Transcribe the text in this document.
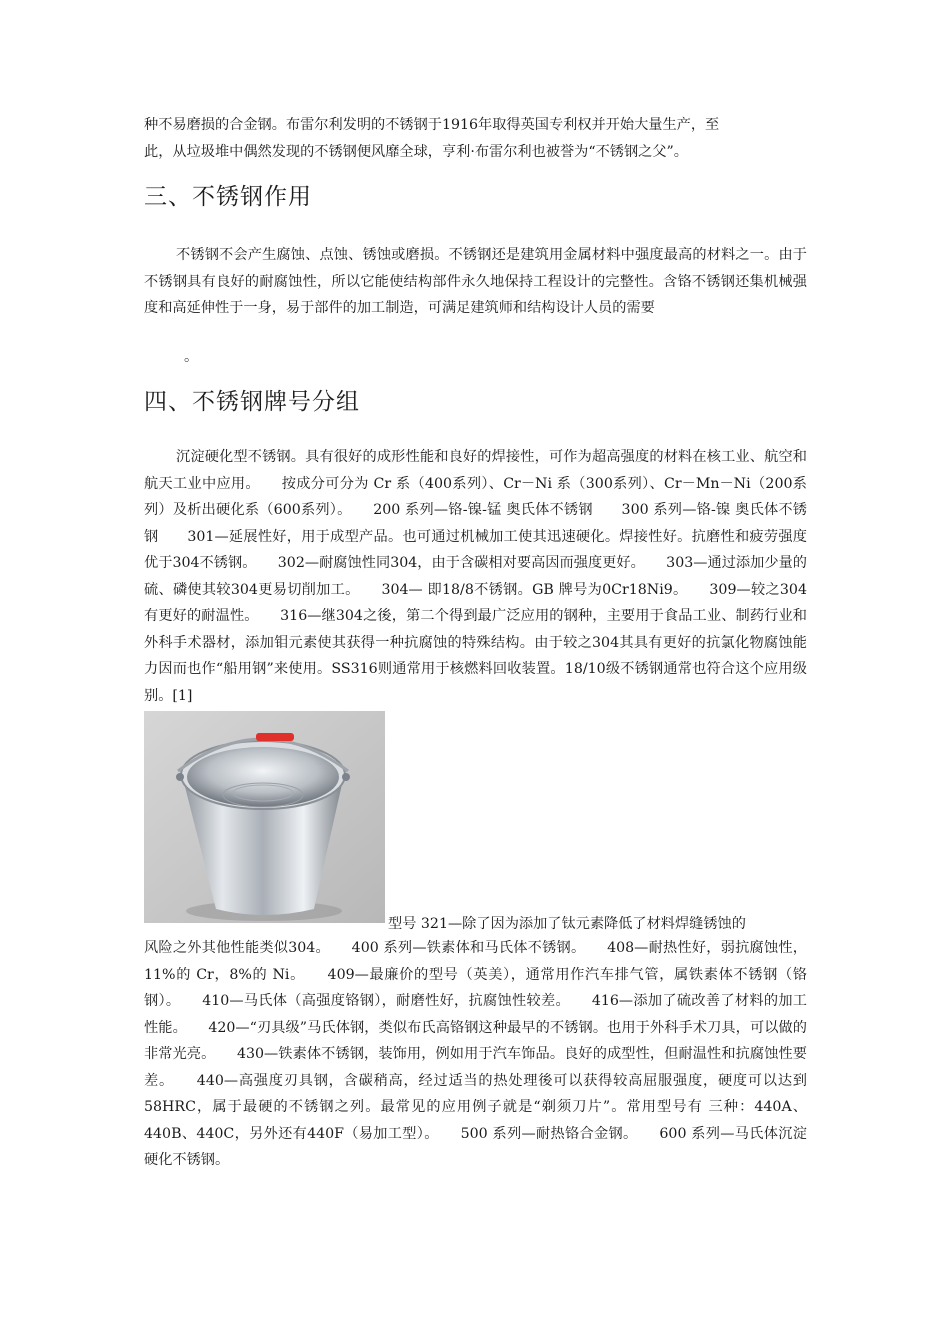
种不易磨损的合金钢。布雷尔利发明的不锈钢于1916年取得英国专利权并开始大量生产，至

此，从垃圾堆中偶然发现的不锈钢便风靡全球，亨利·布雷尔利也被誉为“不锈钢之父”。

三、不锈钢作用

不锈钢不会产生腐蚀、点蚀、锈蚀或磨损。不锈钢还是建筑用金属材料中强度最高的材料之一。由于不锈钢具有良好的耐腐蚀性，所以它能使结构部件永久地保持工程设计的完整性。含铬不锈钢还集机械强度和高延伸性于一身，易于部件的加工制造，可满足建筑师和结构设计人员的需要

。

四、不锈钢牌号分组

沉淀硬化型不锈钢。具有很好的成形性能和良好的焊接性，可作为超高强度的材料在核工业、航空和航天工业中应用。　　按成分可分为 Cr 系（400系列）、Cr－Ni 系（300系列）、Cr－Mn－Ni（200系列）及析出硬化系（600系列）。　　200 系列—铬-镍-锰 奥氏体不锈钢　　300 系列—铬-镍 奥氏体不锈钢　　301—延展性好，用于成型产品。也可通过机械加工使其迅速硬化。焊接性好。抗磨性和疲劳强度优于304不锈钢。　　302—耐腐蚀性同304，由于含碳相对要高因而强度更好。　　303—通过添加少量的硫、磷使其较304更易切削加工。　　304— 即18/8不锈钢。GB 牌号为0Cr18Ni9。　　309—较之304有更好的耐温性。　　316—继304之後，第二个得到最广泛应用的钢种，主要用于食品工业、制药行业和外科手术器材，添加钼元素使其获得一种抗腐蚀的特殊结构。由于较之304其具有更好的抗氯化物腐蚀能力因而也作“船用钢”来使用。SS316则通常用于核燃料回收装置。18/10级不锈钢通常也符合这个应用级别。[1]

型号 321—除了因为添加了钛元素降低了材料焊缝锈蚀的

风险之外其他性能类似304。　　400 系列—铁素体和马氏体不锈钢。　　408—耐热性好，弱抗腐蚀性，11%的 Cr，8%的 Ni。　　409—最廉价的型号（英美），通常用作汽车排气管，属铁素体不锈钢（铬钢）。　　410—马氏体（高强度铬钢），耐磨性好，抗腐蚀性较差。　　416—添加了硫改善了材料的加工性能。　　420—“刃具级”马氏体钢，类似布氏高铬钢这种最早的不锈钢。也用于外科手术刀具，可以做的非常光亮。　　430—铁素体不锈钢，装饰用，例如用于汽车饰品。良好的成型性，但耐温性和抗腐蚀性要差。　　440—高强度刃具钢，含碳稍高，经过适当的热处理後可以获得较高屈服强度，硬度可以达到58HRC，属于最硬的不锈钢之列。最常见的应用例子就是“剃须刀片”。常用型号有 三种：440A、440B、440C，另外还有440F（易加工型）。　　500 系列—耐热铬合金钢。　　600 系列—马氏体沉淀硬化不锈钢。
